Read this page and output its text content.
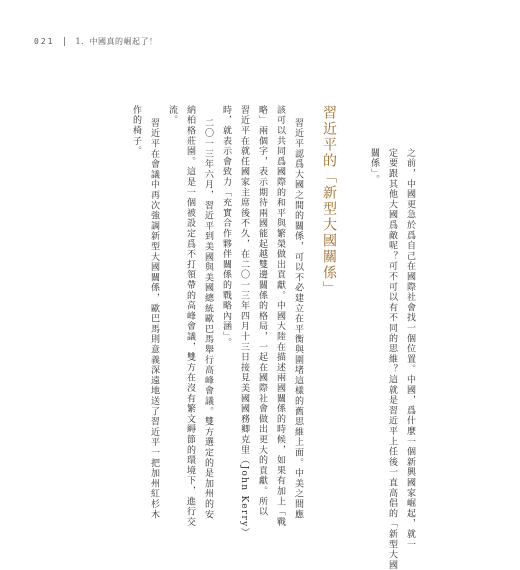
021	1．中國真的崛起了！
之前，中國更急於爲自己在國際社會找一個位置。中國，爲什麼一個新興國家崛起，就一
定要跟其他大國爲敵呢？可不可以有不同的思維？這就是習近平上任後一直高倡的「新型大國
關係」。
習近平的「新型大國關係」
習近平認爲大國之間的關係，可以不必建立在平衡與圍堵這樣的舊思維上面。中美之間應
該可以共同爲國際的和平與繁榮做出貢獻。中國大陸在描述兩國關係的時候，如果有加上「戰
略」兩個字，表示期待兩國能起越雙邊關係的格局，一起在國際社會做出更大的貢獻。所以
習近平在就任國家主席後不久，在二〇一三年四月十三日接見美國國務卿克里（John Kerry）
時，就表示會致力「充實合作夥伴關係的戰略內涵」。
二〇一三年六月，習近平到美國與美國總統歐巴馬舉行高峰會議。雙方選定的是加州的安
納柏格莊園。這是一個被設定爲不打領帶的高峰會議，雙方在沒有繁文縟節的環境下，進行交
流。
習近平在會議中再次強調新型大國關係，歐巴馬則意義深遠地送了習近平一把加州紅杉木
作的椅子。
